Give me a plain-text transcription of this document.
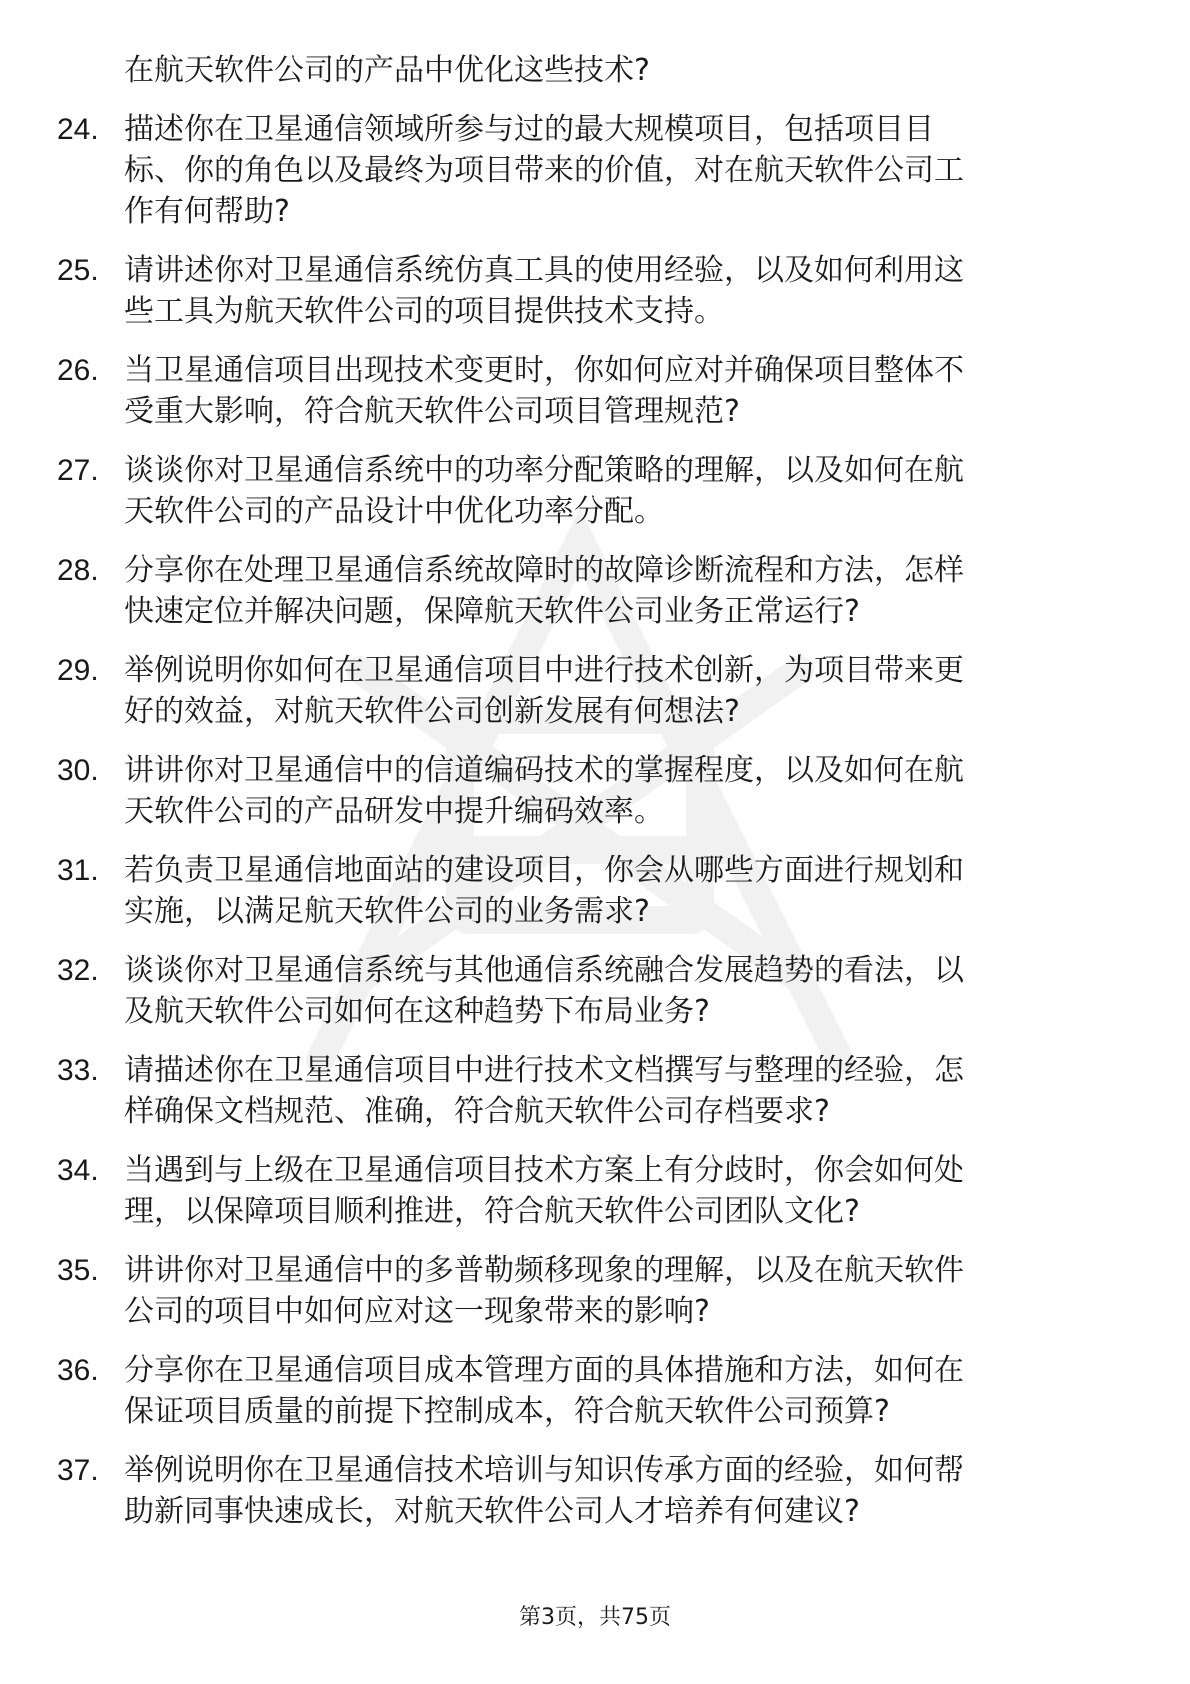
在航天软件公司的产品中优化这些技术?
24. 描述你在卫星通信领域所参与过的最大规模项目，包括项目目
标、你的角色以及最终为项目带来的价值，对在航天软件公司工
作有何帮助?
25. 请讲述你对卫星通信系统仿真工具的使用经验，以及如何利用这
些工具为航天软件公司的项目提供技术支持。
26. 当卫星通信项目出现技术变更时，你如何应对并确保项目整体不
受重大影响，符合航天软件公司项目管理规范?
27. 谈谈你对卫星通信系统中的功率分配策略的理解，以及如何在航
天软件公司的产品设计中优化功率分配。
28. 分享你在处理卫星通信系统故障时的故障诊断流程和方法，怎样
快速定位并解决问题，保障航天软件公司业务正常运行?
29. 举例说明你如何在卫星通信项目中进行技术创新，为项目带来更
好的效益，对航天软件公司创新发展有何想法?
30. 讲讲你对卫星通信中的信道编码技术的掌握程度，以及如何在航
天软件公司的产品研发中提升编码效率。
31. 若负责卫星通信地面站的建设项目，你会从哪些方面进行规划和
实施，以满足航天软件公司的业务需求?
32. 谈谈你对卫星通信系统与其他通信系统融合发展趋势的看法，以
及航天软件公司如何在这种趋势下布局业务?
33. 请描述你在卫星通信项目中进行技术文档撰写与整理的经验，怎
样确保文档规范、准确，符合航天软件公司存档要求?
34. 当遇到与上级在卫星通信项目技术方案上有分歧时，你会如何处
理，以保障项目顺利推进，符合航天软件公司团队文化?
35. 讲讲你对卫星通信中的多普勒频移现象的理解，以及在航天软件
公司的项目中如何应对这一现象带来的影响?
36. 分享你在卫星通信项目成本管理方面的具体措施和方法，如何在
保证项目质量的前提下控制成本，符合航天软件公司预算?
37. 举例说明你在卫星通信技术培训与知识传承方面的经验，如何帮
助新同事快速成长，对航天软件公司人才培养有何建议?
第3页，共75页
